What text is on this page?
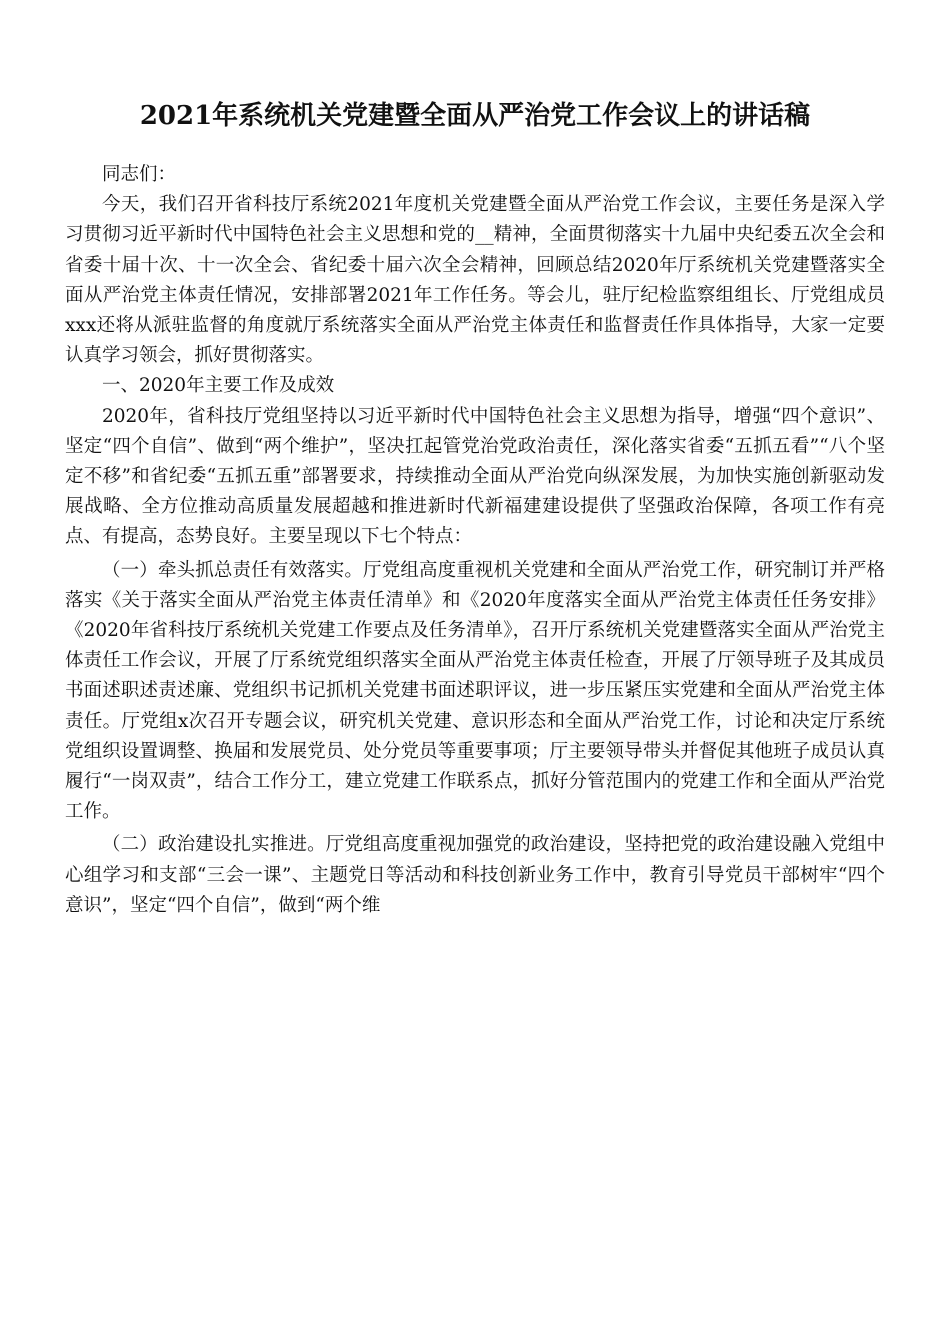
2021年系统机关党建暨全面从严治党工作会议上的讲话稿

同志们：

今天，我们召开省科技厅系统2021年度机关党建暨全面从严治党工作会议，主要任务是深入学习贯彻习近平新时代中国特色社会主义思想和党的__精神，全面贯彻落实十九届中央纪委五次全会和省委十届十次、十一次全会、省纪委十届六次全会精神，回顾总结2020年厅系统机关党建暨落实全面从严治党主体责任情况，安排部署2021年工作任务。等会儿，驻厅纪检监察组组长、厅党组成员xxx还将从派驻监督的角度就厅系统落实全面从严治党主体责任和监督责任作具体指导，大家一定要认真学习领会，抓好贯彻落实。

一、2020年主要工作及成效

2020年，省科技厅党组坚持以习近平新时代中国特色社会主义思想为指导，增强“四个意识”、坚定“四个自信”、做到“两个维护”，坚决扛起管党治党政治责任，深化落实省委“五抓五看”“八个坚定不移”和省纪委“五抓五重”部署要求，持续推动全面从严治党向纵深发展，为加快实施创新驱动发展战略、全方位推动高质量发展超越和推进新时代新福建建设提供了坚强政治保障，各项工作有亮点、有提高，态势良好。主要呈现以下七个特点：

（一）牵头抓总责任有效落实。厅党组高度重视机关党建和全面从严治党工作，研究制订并严格落实《关于落实全面从严治党主体责任清单》和《2020年度落实全面从严治党主体责任任务安排》《2020年省科技厅系统机关党建工作要点及任务清单》，召开厅系统机关党建暨落实全面从严治党主体责任工作会议，开展了厅系统党组织落实全面从严治党主体责任检查，开展了厅领导班子及其成员书面述职述责述廉、党组织书记抓机关党建书面述职评议，进一步压紧压实党建和全面从严治党主体责任。厅党组x次召开专题会议，研究机关党建、意识形态和全面从严治党工作，讨论和决定厅系统党组织设置调整、换届和发展党员、处分党员等重要事项；厅主要领导带头并督促其他班子成员认真履行“一岗双责”，结合工作分工，建立党建工作联系点，抓好分管范围内的党建工作和全面从严治党工作。

（二）政治建设扎实推进。厅党组高度重视加强党的政治建设，坚持把党的政治建设融入党组中心组学习和支部“三会一课”、主题党日等活动和科技创新业务工作中，教育引导党员干部树牢“四个意识”，坚定“四个自信”，做到“两个维
